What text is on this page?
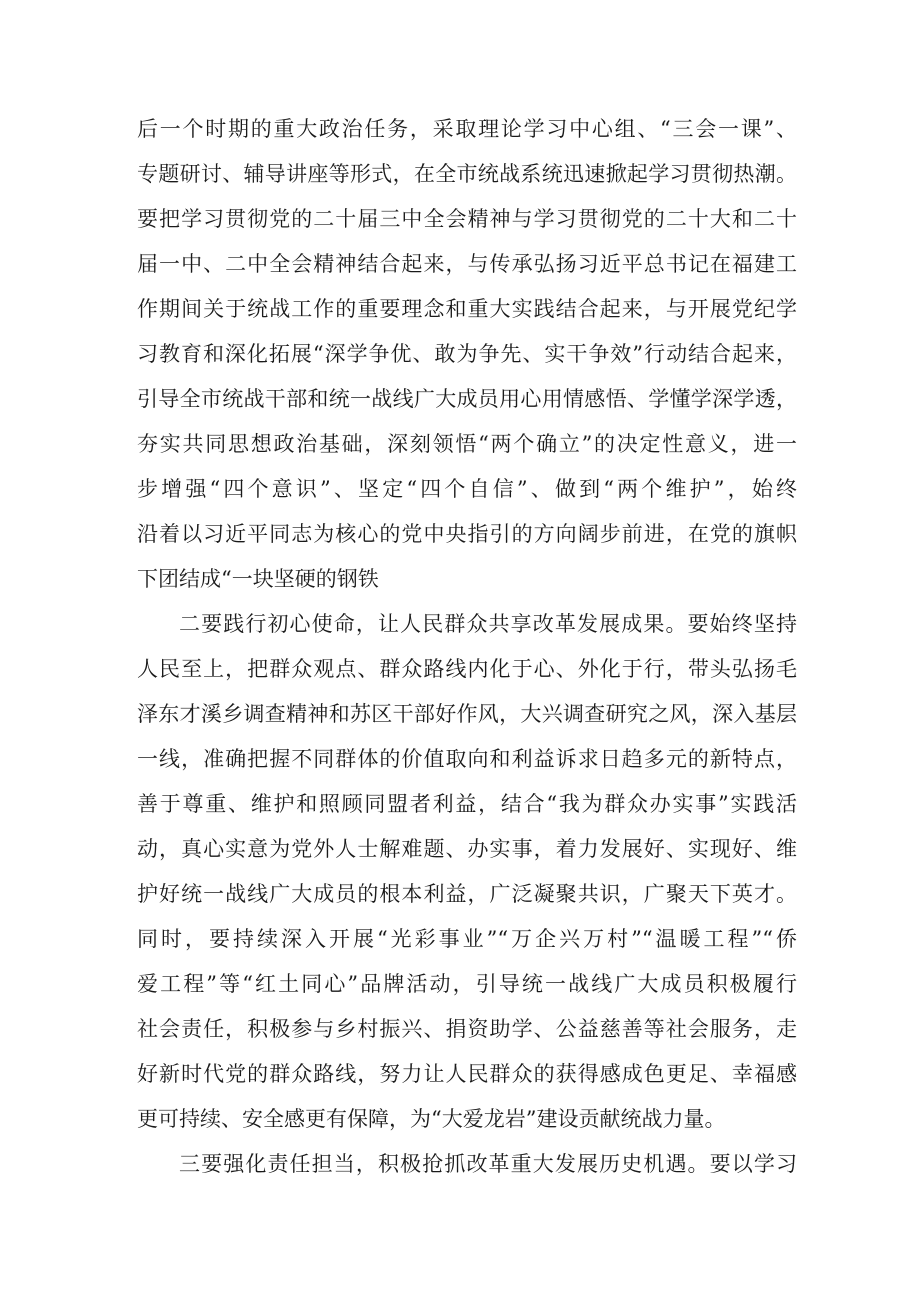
后一个时期的重大政治任务，采取理论学习中心组、“三会一课”、
专题研讨、辅导讲座等形式，在全市统战系统迅速掀起学习贯彻热潮。
要把学习贯彻党的二十届三中全会精神与学习贯彻党的二十大和二十
届一中、二中全会精神结合起来，与传承弘扬习近平总书记在福建工
作期间关于统战工作的重要理念和重大实践结合起来，与开展党纪学
习教育和深化拓展“深学争优、敢为争先、实干争效”行动结合起来，
引导全市统战干部和统一战线广大成员用心用情感悟、学懂学深学透，
夯实共同思想政治基础，深刻领悟“两个确立”的决定性意义，进一
步增强“四个意识”、坚定“四个自信”、做到“两个维护”，始终
沿着以习近平同志为核心的党中央指引的方向阔步前进，在党的旗帜
下团结成“一块坚硬的钢铁
二要践行初心使命，让人民群众共享改革发展成果。要始终坚持
人民至上，把群众观点、群众路线内化于心、外化于行，带头弘扬毛
泽东才溪乡调查精神和苏区干部好作风，大兴调查研究之风，深入基层
一线，准确把握不同群体的价值取向和利益诉求日趋多元的新特点，
善于尊重、维护和照顾同盟者利益，结合“我为群众办实事”实践活
动，真心实意为党外人士解难题、办实事，着力发展好、实现好、维
护好统一战线广大成员的根本利益，广泛凝聚共识，广聚天下英才。
同时，要持续深入开展“光彩事业”“万企兴万村”“温暖工程”“侨
爱工程”等“红土同心”品牌活动，引导统一战线广大成员积极履行
社会责任，积极参与乡村振兴、捐资助学、公益慈善等社会服务，走
好新时代党的群众路线，努力让人民群众的获得感成色更足、幸福感
更可持续、安全感更有保障，为“大爱龙岩”建设贡献统战力量。
三要强化责任担当，积极抢抓改革重大发展历史机遇。要以学习
